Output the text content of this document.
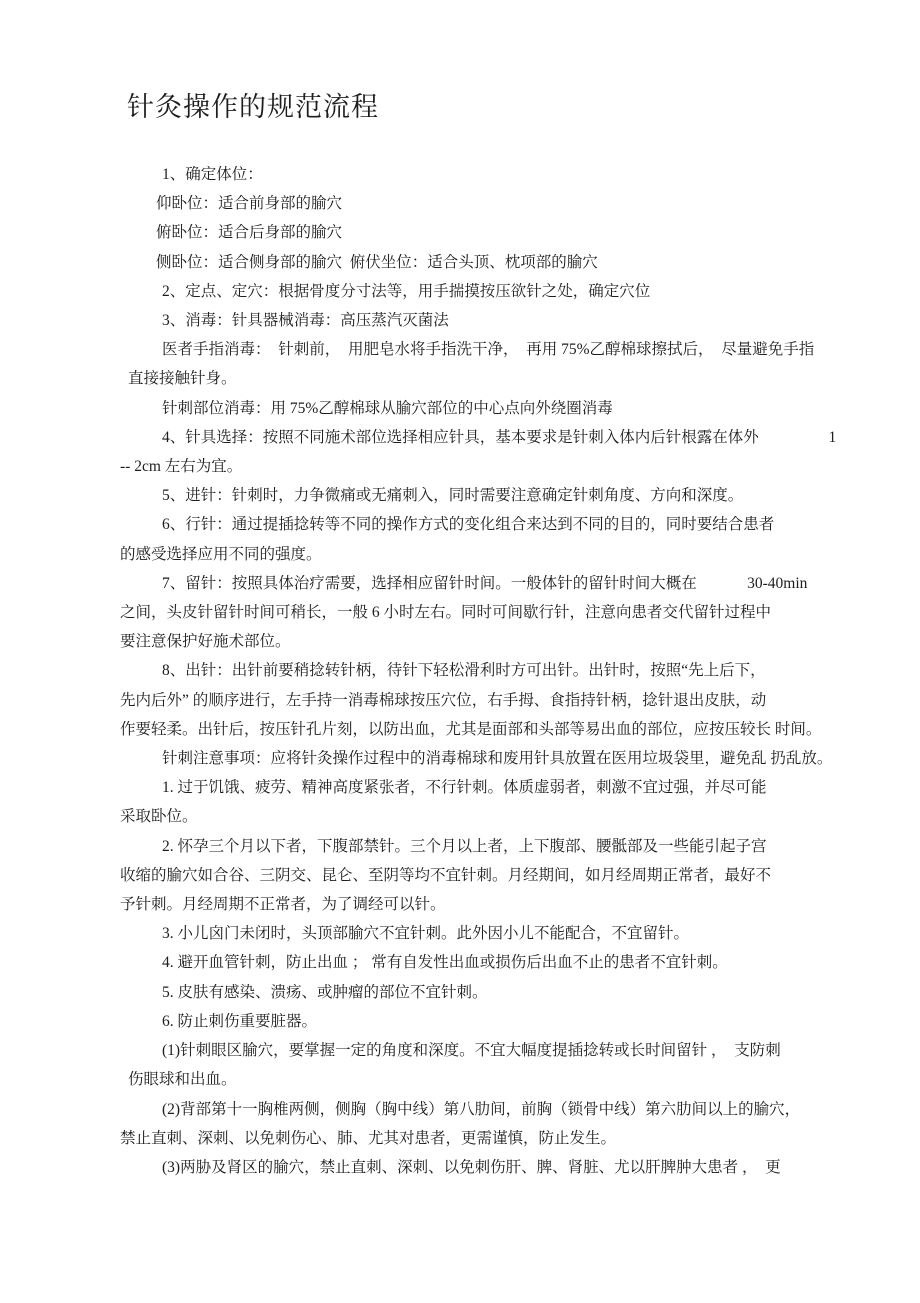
针灸操作的规范流程
1、确定体位：
仰卧位：适合前身部的腧穴
俯卧位：适合后身部的腧穴
侧卧位：适合侧身部的腧穴  俯伏坐位：适合头顶、枕项部的腧穴
2、定点、定穴：根据骨度分寸法等，用手揣摸按压欲针之处，确定穴位
3、消毒：针具器械消毒：高压蒸汽灭菌法
医者手指消毒：  针刺前，  用肥皂水将手指洗干净，  再用 75%乙醇棉球擦拭后，  尽量避免手指
直接接触针身。
针刺部位消毒：用 75%乙醇棉球从腧穴部位的中心点向外绕圈消毒
4、针具选择：按照不同施术部位选择相应针具，基本要求是针刺入体内后针根露在体外                  1
-- 2cm 左右为宜。
5、进针：针刺时，力争微痛或无痛刺入，同时需要注意确定针刺角度、方向和深度。
6、行针：通过提插捻转等不同的操作方式的变化组合来达到不同的目的，同时要结合患者
的感受选择应用不同的强度。
7、留针：按照具体治疗需要，选择相应留针时间。一般体针的留针时间大概在             30-40min
之间，头皮针留针时间可稍长，一般 6 小时左右。同时可间歇行针，注意向患者交代留针过程中
要注意保护好施术部位。
8、出针：出针前要稍捻转针柄，待针下轻松滑利时方可出针。出针时，按照“先上后下，
先内后外” 的顺序进行，左手持一消毒棉球按压穴位，右手拇、食指持针柄，捻针退出皮肤，动
作要轻柔。出针后，按压针孔片刻，以防出血，尤其是面部和头部等易出血的部位，应按压较长 时间。
针刺注意事项：应将针灸操作过程中的消毒棉球和废用针具放置在医用垃圾袋里，避免乱 扔乱放。
1. 过于饥饿、疲劳、精神高度紧张者，不行针刺。体质虚弱者，刺激不宜过强，并尽可能
采取卧位。
2. 怀孕三个月以下者，下腹部禁针。三个月以上者，上下腹部、腰骶部及一些能引起子宫
收缩的腧穴如合谷、三阴交、昆仑、至阴等均不宜针刺。月经期间，如月经周期正常者，最好不
予针刺。月经周期不正常者，为了调经可以针。
3. 小儿囟门未闭时，头顶部腧穴不宜针刺。此外因小儿不能配合，不宜留针。
4. 避开血管针刺，防止出血 ； 常有自发性出血或损伤后出血不止的患者不宜针刺。
5. 皮肤有感染、溃疡、或肿瘤的部位不宜针刺。
6. 防止刺伤重要脏器。
(1)针刺眼区腧穴，要掌握一定的角度和深度。不宜大幅度提插捻转或长时间留针 ，  支防刺
伤眼球和出血。
(2)背部第十一胸椎两侧，侧胸（胸中线）第八肋间，前胸（锁骨中线）第六肋间以上的腧穴，
禁止直刺、深刺、以免刺伤心、肺、尤其对患者，更需谨慎，防止发生。
(3)两胁及肾区的腧穴，禁止直刺、深刺、以免刺伤肝、脾、肾脏、尤以肝脾肿大患者 ，  更
